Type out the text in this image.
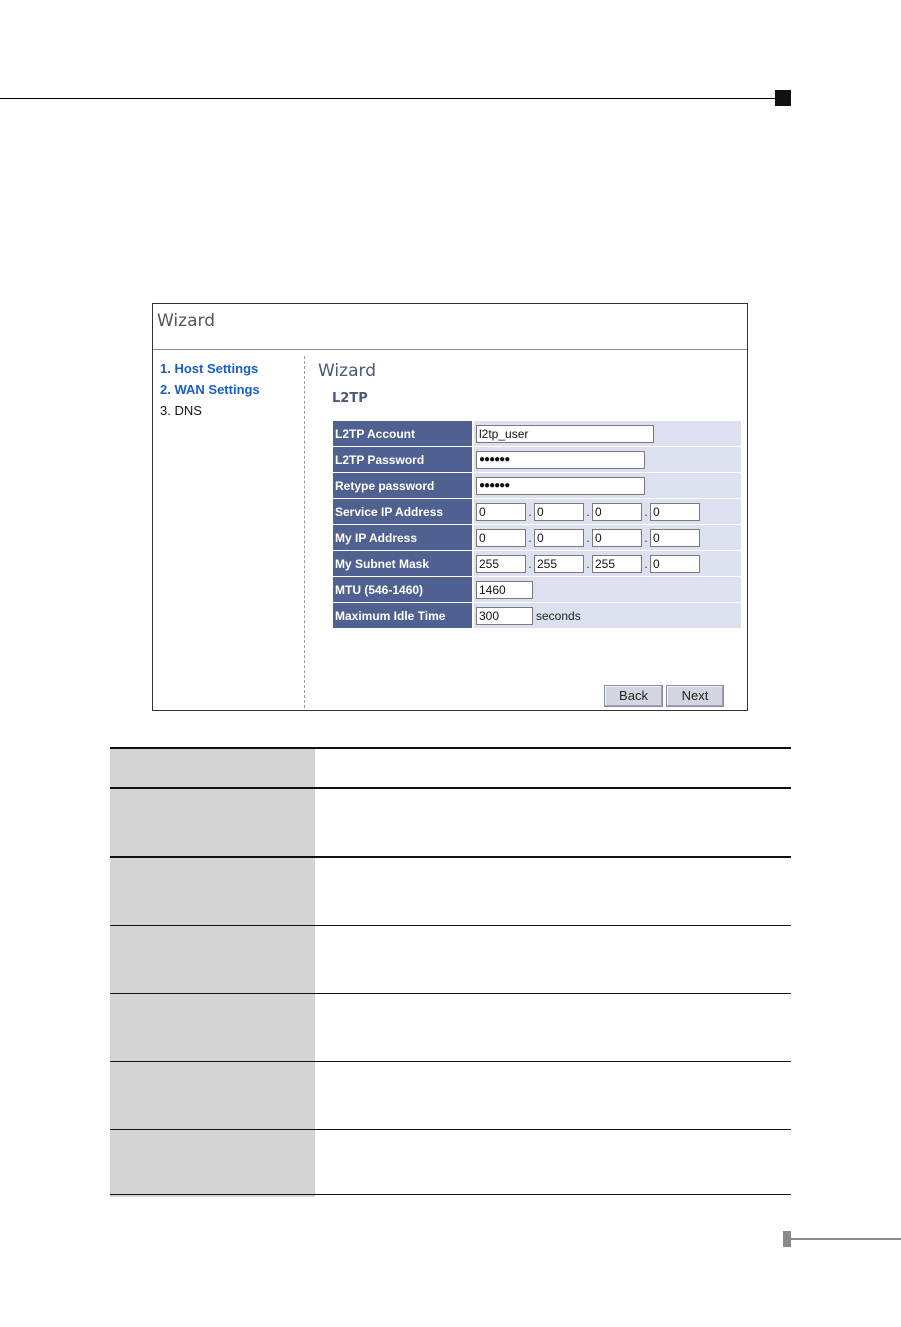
Wizard
1. Host Settings
2. WAN Settings
3. DNS
Wizard
L2TP
L2TP Account	l2tp_user
L2TP Password	●●●●●●
Retype password	●●●●●●
Service IP Address	0	. 0	. 0	. 0
My IP Address	0	. 0	. 0	. 0
My Subnet Mask	255	. 255	. 255	. 0
MTU (546-1460)	1460
Maximum Idle Time	300	seconds
Back	Next
